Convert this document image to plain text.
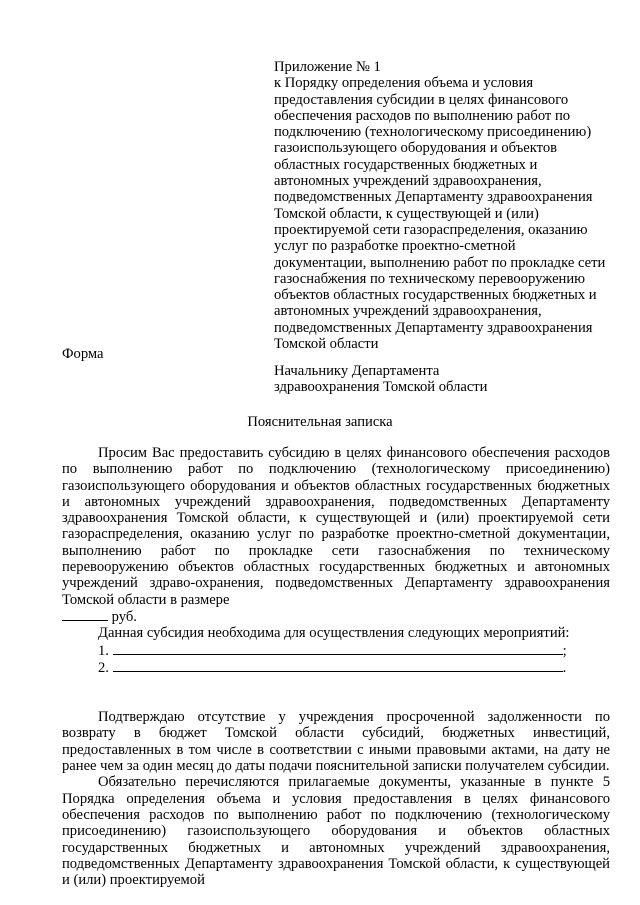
Приложение № 1
к Порядку определения объема и условия
предоставления субсидии в целях финансового
обеспечения расходов по выполнению работ по
подключению (технологическому присоединению)
газоиспользующего оборудования и объектов
областных государственных бюджетных и
автономных учреждений здравоохранения,
подведомственных Департаменту здравоохранения
Томской области, к существующей и (или)
проектируемой сети газораспределения, оказанию
услуг по разработке проектно-сметной
документации, выполнению работ по прокладке сети
газоснабжения по техническому перевооружению
объектов областных государственных бюджетных и
автономных учреждений здравоохранения,
подведомственных Департаменту здравоохранения
Томской области
Форма
Начальнику Департамента
здравоохранения Томской области
Пояснительная записка

Просим Вас предоставить субсидию в целях финансового обеспечения расходов по выполнению работ по подключению (технологическому присоединению) газоиспользующего оборудования и объектов областных государственных бюджетных и автономных учреждений здравоохранения, подведомственных Департаменту здравоохранения Томской области, к существующей и (или) проектируемой сети газораспределения, оказанию услуг по разработке проектно-сметной документации, выполнению работ по прокладке сети газоснабжения по техническому перевооружению объектов областных государственных бюджетных и автономных учреждений здраво-охранения, подведомственных Департаменту здравоохранения Томской области в размере

руб.

Данная субсидия необходима для осуществления следующих мероприятий:

1.	;

2.	.

Подтверждаю отсутствие у учреждения просроченной задолженности по возврату в бюджет Томской области субсидий, бюджетных инвестиций, предоставленных в том числе в соответствии с иными правовыми актами, на дату не ранее чем за один месяц до даты подачи пояснительной записки получателем субсидии.

Обязательно перечисляются прилагаемые документы, указанные в пункте 5 Порядка определения объема и условия предоставления в целях финансового обеспечения расходов по выполнению работ по подключению (технологическому присоединению) газоиспользующего оборудования и объектов областных государственных бюджетных и автономных учреждений здравоохранения, подведомственных Департаменту здравоохранения Томской области, к существующей и (или) проектируемой
